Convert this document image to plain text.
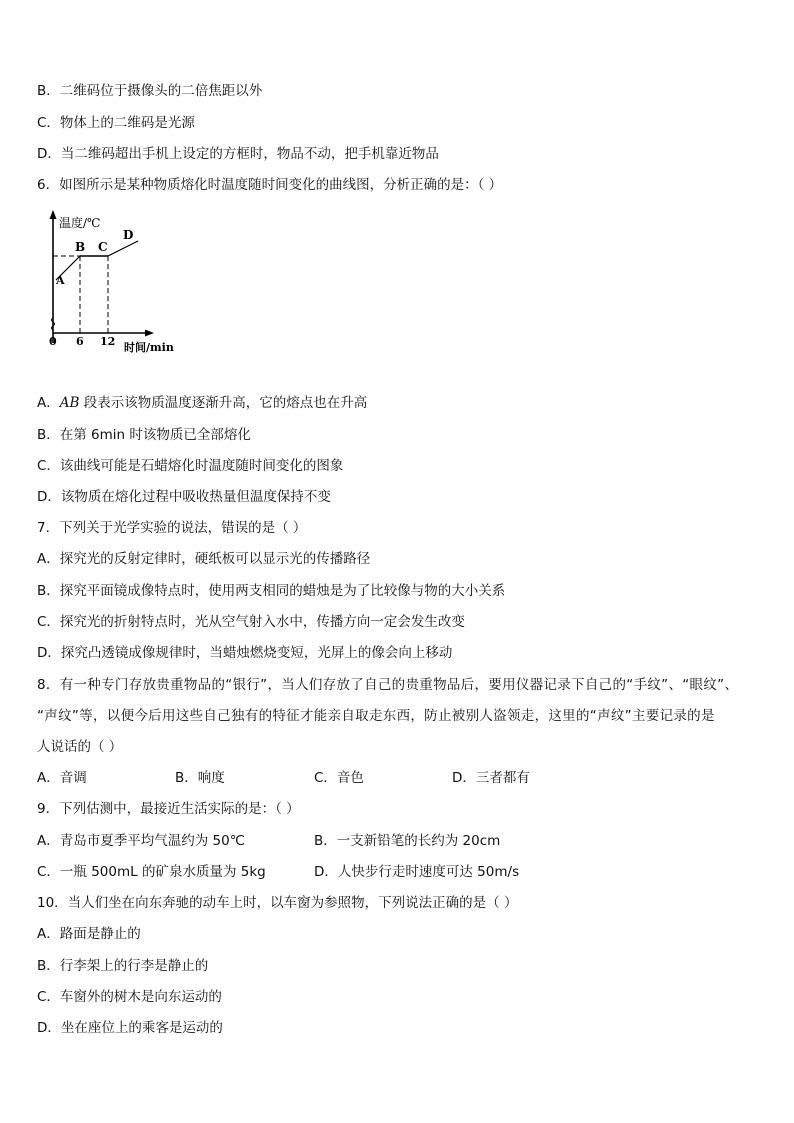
B．二维码位于摄像头的二倍焦距以外
C．物体上的二维码是光源
D．当二维码超出手机上设定的方框时，物品不动，把手机靠近物品
6．如图所示是某种物质熔化时温度随时间变化的曲线图，分析正确的是：（ ）
温度/℃
时间/min
0 6 12
A
B C
D
A．AB 段表示该物质温度逐渐升高，它的熔点也在升高
B．在第 6min 时该物质已全部熔化
C．该曲线可能是石蜡熔化时温度随时间变化的图象
D．该物质在熔化过程中吸收热量但温度保持不变
7．下列关于光学实验的说法，错误的是（ ）
A．探究光的反射定律时，硬纸板可以显示光的传播路径
B．探究平面镜成像特点时，使用两支相同的蜡烛是为了比较像与物的大小关系
C．探究光的折射特点时，光从空气射入水中，传播方向一定会发生改变
D．探究凸透镜成像规律时，当蜡烛燃烧变短，光屏上的像会向上移动
8．有一种专门存放贵重物品的“银行”，当人们存放了自己的贵重物品后，要用仪器记录下自己的“手纹”、“眼纹”、
“声纹”等，以便今后用这些自己独有的特征才能亲自取走东西，防止被别人盗领走，这里的“声纹”主要记录的是
人说话的（ ）
A．音调	B．响度	C．音色	D．三者都有
9．下列估测中，最接近生活实际的是：（ ）
A．青岛市夏季平均气温约为 50℃	B．一支新铅笔的长约为 20cm
C．一瓶 500mL 的矿泉水质量为 5kg	D．人快步行走时速度可达 50m/s
10．当人们坐在向东奔驰的动车上时，以车窗为参照物，下列说法正确的是（ ）
A．路面是静止的
B．行李架上的行李是静止的
C．车窗外的树木是向东运动的
D．坐在座位上的乘客是运动的
